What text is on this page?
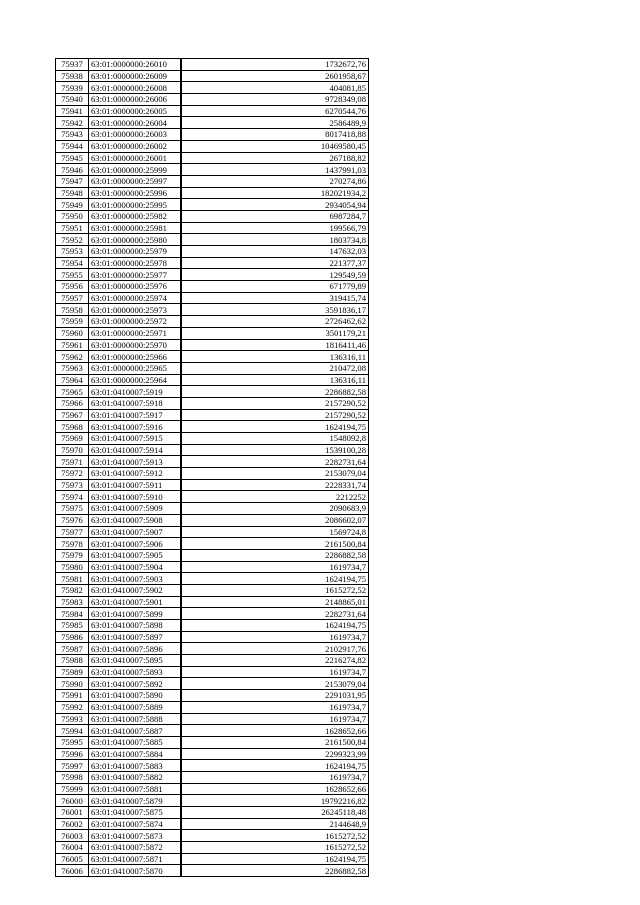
75937	63:01:0000000:26010	1732672,76
75938	63:01:0000000:26009	2601958,67
75939	63:01:0000000:26008	404081,85
75940	63:01:0000000:26006	9728349,08
75941	63:01:0000000:26005	6270544,76
75942	63:01:0000000:26004	2586489,9
75943	63:01:0000000:26003	8017418,88
75944	63:01:0000000:26002	10469580,45
75945	63:01:0000000:26001	267188,82
75946	63:01:0000000:25999	1437991,03
75947	63:01:0000000:25997	270274,86
75948	63:01:0000000:25996	182021934,2
75949	63:01:0000000:25995	2934054,94
75950	63:01:0000000:25982	6987284,7
75951	63:01:0000000:25981	199566,79
75952	63:01:0000000:25980	1803734,8
75953	63:01:0000000:25979	147632,03
75954	63:01:0000000:25978	221377,37
75955	63:01:0000000:25977	129549,59
75956	63:01:0000000:25976	671779,89
75957	63:01:0000000:25974	319415,74
75958	63:01:0000000:25973	3591836,17
75959	63:01:0000000:25972	2726462,62
75960	63:01:0000000:25971	3501179,21
75961	63:01:0000000:25970	1816411,46
75962	63:01:0000000:25966	136316,11
75963	63:01:0000000:25965	210472,08
75964	63:01:0000000:25964	136316,11
75965	63:01:0410007:5919	2286882,58
75966	63:01:0410007:5918	2157290,52
75967	63:01:0410007:5917	2157290,52
75968	63:01:0410007:5916	1624194,75
75969	63:01:0410007:5915	1548092,8
75970	63:01:0410007:5914	1539100,28
75971	63:01:0410007:5913	2282731,64
75972	63:01:0410007:5912	2153079,04
75973	63:01:0410007:5911	2228331,74
75974	63:01:0410007:5910	2212252
75975	63:01:0410007:5909	2090683,9
75976	63:01:0410007:5908	2086602,07
75977	63:01:0410007:5907	1569724,8
75978	63:01:0410007:5906	2161500,84
75979	63:01:0410007:5905	2286882,58
75980	63:01:0410007:5904	1619734,7
75981	63:01:0410007:5903	1624194,75
75982	63:01:0410007:5902	1615272,52
75983	63:01:0410007:5901	2148865,01
75984	63:01:0410007:5899	2282731,64
75985	63:01:0410007:5898	1624194,75
75986	63:01:0410007:5897	1619734,7
75987	63:01:0410007:5896	2102917,76
75988	63:01:0410007:5895	2216274,82
75989	63:01:0410007:5893	1619734,7
75990	63:01:0410007:5892	2153079,04
75991	63:01:0410007:5890	2291031,95
75992	63:01:0410007:5889	1619734,7
75993	63:01:0410007:5888	1619734,7
75994	63:01:0410007:5887	1628652,66
75995	63:01:0410007:5885	2161500,84
75996	63:01:0410007:5884	2299323,99
75997	63:01:0410007:5883	1624194,75
75998	63:01:0410007:5882	1619734,7
75999	63:01:0410007:5881	1628652,66
76000	63:01:0410007:5879	19792216,82
76001	63:01:0410007:5875	26245118,48
76002	63:01:0410007:5874	2144648,9
76003	63:01:0410007:5873	1615272,52
76004	63:01:0410007:5872	1615272,52
76005	63:01:0410007:5871	1624194,75
76006	63:01:0410007:5870	2286882,58
